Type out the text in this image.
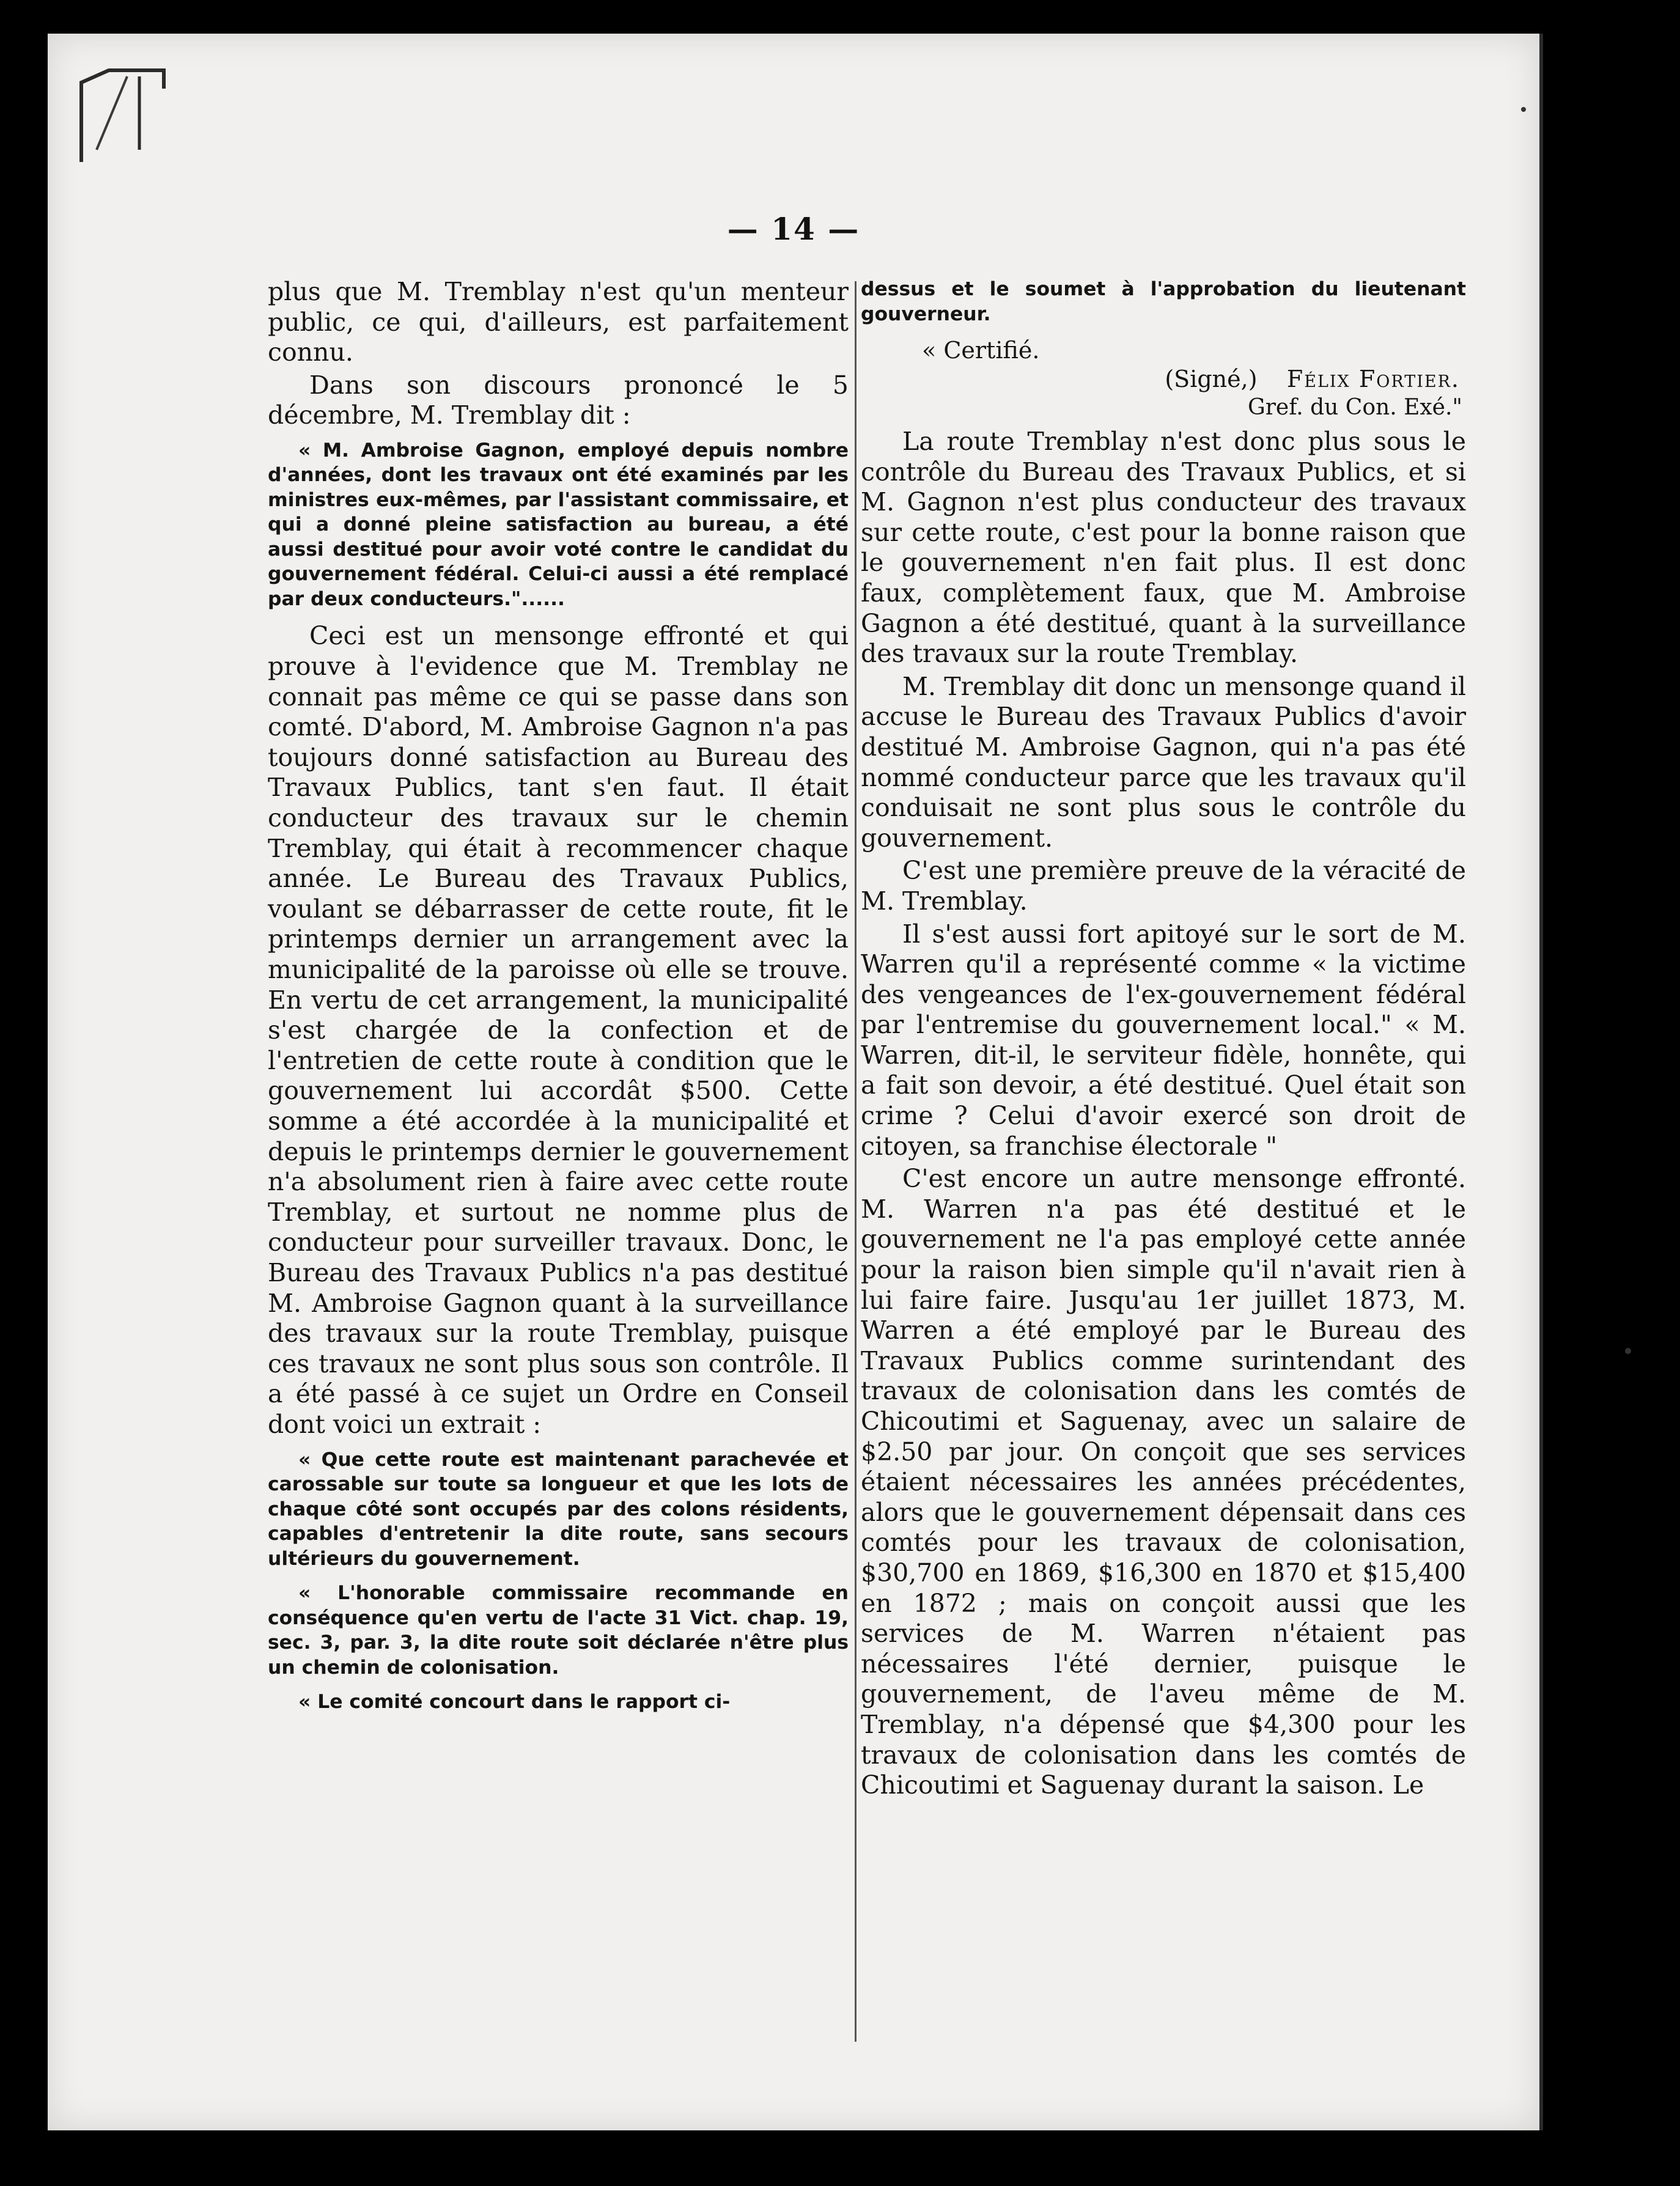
— 14 —

plus que M. Tremblay n'est qu'un menteur public, ce qui, d'ailleurs, est parfaitement connu.

Dans son discours prononcé le 5 décembre, M. Tremblay dit :

« M. Ambroise Gagnon, employé depuis nombre d'années, dont les travaux ont été examinés par les ministres eux-mêmes, par l'assistant commissaire, et qui a donné pleine satisfaction au bureau, a été aussi destitué pour avoir voté contre le candidat du gouvernement fédéral. Celui-ci aussi a été remplacé par deux conducteurs."......

Ceci est un mensonge effronté et qui prouve à l'evidence que M. Tremblay ne connait pas même ce qui se passe dans son comté. D'abord, M. Ambroise Gagnon n'a pas toujours donné satisfaction au Bureau des Travaux Publics, tant s'en faut. Il était conducteur des travaux sur le chemin Tremblay, qui était à recommencer chaque année. Le Bureau des Travaux Publics, voulant se débarrasser de cette route, fit le printemps dernier un arrangement avec la municipalité de la paroisse où elle se trouve. En vertu de cet arrangement, la municipalité s'est chargée de la confection et de l'entretien de cette route à condition que le gouvernement lui accordât $500. Cette somme a été accordée à la municipalité et depuis le printemps dernier le gouvernement n'a absolument rien à faire avec cette route Tremblay, et surtout ne nomme plus de conducteur pour surveiller travaux. Donc, le Bureau des Travaux Publics n'a pas destitué M. Ambroise Gagnon quant à la surveillance des travaux sur la route Tremblay, puisque ces travaux ne sont plus sous son contrôle. Il a été passé à ce sujet un Ordre en Conseil dont voici un extrait :

« Que cette route est maintenant parachevée et carossable sur toute sa longueur et que les lots de chaque côté sont occupés par des colons résidents, capables d'entretenir la dite route, sans secours ultérieurs du gouvernement.

« L'honorable commissaire recommande en conséquence qu'en vertu de l'acte 31 Vict. chap. 19, sec. 3, par. 3, la dite route soit déclarée n'être plus un chemin de colonisation.

« Le comité concourt dans le rapport ci-

dessus et le soumet à l'approbation du lieutenant gouverneur.

« Certifié.

(Signé,) Félix Fortier.
Gref. du Con. Exé."

La route Tremblay n'est donc plus sous le contrôle du Bureau des Travaux Publics, et si M. Gagnon n'est plus conducteur des travaux sur cette route, c'est pour la bonne raison que le gouvernement n'en fait plus. Il est donc faux, complètement faux, que M. Ambroise Gagnon a été destitué, quant à la surveillance des travaux sur la route Tremblay.

M. Tremblay dit donc un mensonge quand il accuse le Bureau des Travaux Publics d'avoir destitué M. Ambroise Gagnon, qui n'a pas été nommé conducteur parce que les travaux qu'il conduisait ne sont plus sous le contrôle du gouvernement.

C'est une première preuve de la véracité de M. Tremblay.

Il s'est aussi fort apitoyé sur le sort de M. Warren qu'il a représenté comme « la victime des vengeances de l'ex-gouvernement fédéral par l'entremise du gouvernement local." « M. Warren, dit-il, le serviteur fidèle, honnête, qui a fait son devoir, a été destitué. Quel était son crime ? Celui d'avoir exercé son droit de citoyen, sa franchise électorale "

C'est encore un autre mensonge effronté. M. Warren n'a pas été destitué et le gouvernement ne l'a pas employé cette année pour la raison bien simple qu'il n'avait rien à lui faire faire. Jusqu'au 1er juillet 1873, M. Warren a été employé par le Bureau des Travaux Publics comme surintendant des travaux de colonisation dans les comtés de Chicoutimi et Saguenay, avec un salaire de $2.50 par jour. On conçoit que ses services étaient nécessaires les années précédentes, alors que le gouvernement dépensait dans ces comtés pour les travaux de colonisation, $30,700 en 1869, $16,300 en 1870 et $15,400 en 1872 ; mais on conçoit aussi que les services de M. Warren n'étaient pas nécessaires l'été dernier, puisque le gouvernement, de l'aveu même de M. Tremblay, n'a dépensé que $4,300 pour les travaux de colonisation dans les comtés de Chicoutimi et Saguenay durant la saison. Le
